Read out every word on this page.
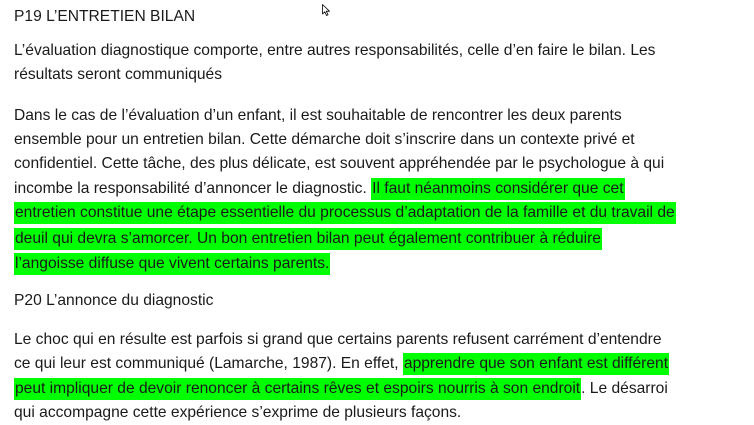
P19 L’ENTRETIEN BILAN
L’évaluation diagnostique comporte, entre autres responsabilités, celle d’en faire le bilan. Les
résultats seront communiqués
Dans le cas de l’évaluation d’un enfant, il est souhaitable de rencontrer les deux parents
ensemble pour un entretien bilan. Cette démarche doit s’inscrire dans un contexte privé et
confidentiel. Cette tâche, des plus délicate, est souvent appréhendée par le psychologue à qui
incombe la responsabilité d’annoncer le diagnostic. Il faut néanmoins considérer que cet
entretien constitue une étape essentielle du processus d’adaptation de la famille et du travail de
deuil qui devra s’amorcer. Un bon entretien bilan peut également contribuer à réduire
l’angoisse diffuse que vivent certains parents.
P20 L’annonce du diagnostic
Le choc qui en résulte est parfois si grand que certains parents refusent carrément d’entendre
ce qui leur est communiqué (Lamarche, 1987). En effet, apprendre que son enfant est différent
peut impliquer de devoir renoncer à certains rêves et espoirs nourris à son endroit. Le désarroi
qui accompagne cette expérience s’exprime de plusieurs façons.
